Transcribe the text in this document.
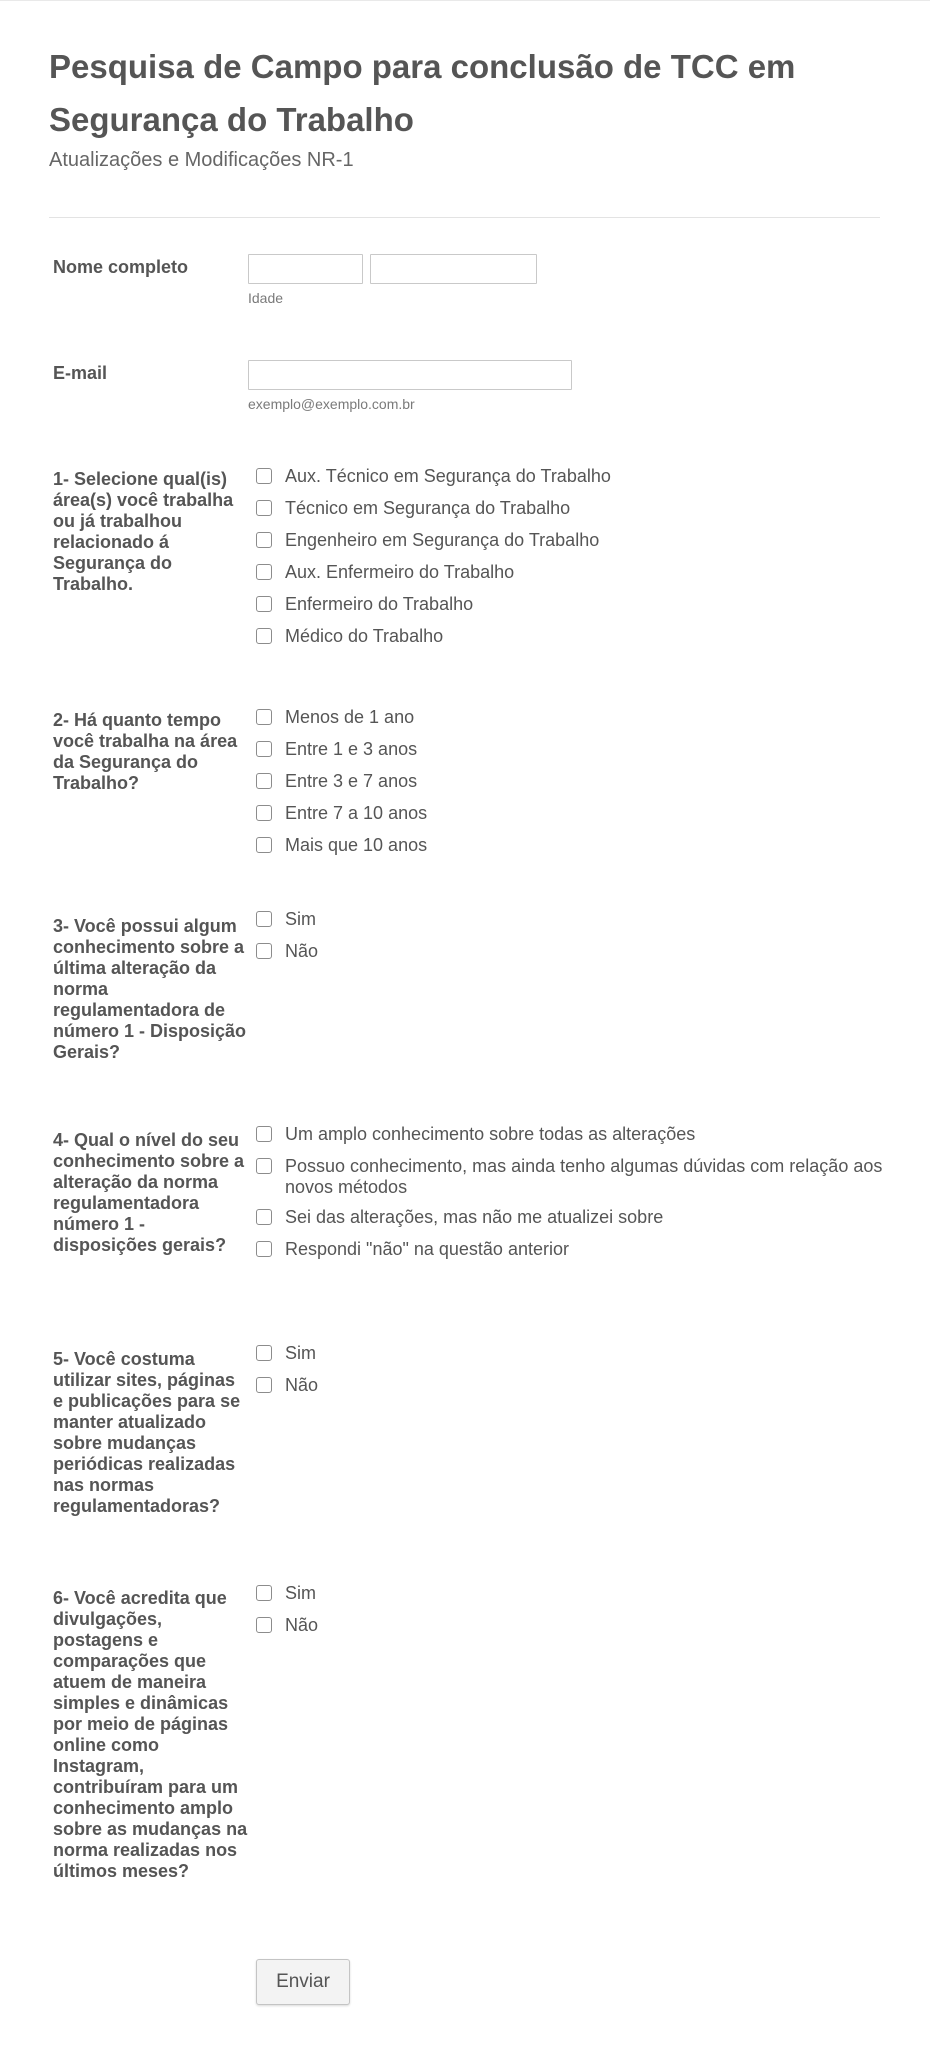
Pesquisa de Campo para conclusão de TCC em Segurança do Trabalho
Atualizações e Modificações NR-1
Nome completo
Idade
E-mail
exemplo@exemplo.com.br
1- Selecione qual(is) área(s) você trabalha ou já trabalhou relacionado á Segurança do Trabalho.
Aux. Técnico em Segurança do Trabalho
Técnico em Segurança do Trabalho
Engenheiro em Segurança do Trabalho
Aux. Enfermeiro do Trabalho
Enfermeiro do Trabalho
Médico do Trabalho
2- Há quanto tempo você trabalha na área da Segurança do Trabalho?
Menos de 1 ano
Entre 1 e 3 anos
Entre 3 e 7 anos
Entre 7 a 10 anos
Mais que 10 anos
3- Você possui algum conhecimento sobre a última alteração da norma regulamentadora de número 1 - Disposição Gerais?
Sim
Não
4- Qual o nível do seu conhecimento sobre a alteração da norma regulamentadora número 1 - disposições gerais?
Um amplo conhecimento sobre todas as alterações
Possuo conhecimento, mas ainda tenho algumas dúvidas com relação aos novos métodos
Sei das alterações, mas não me atualizei sobre
Respondi "não" na questão anterior
5- Você costuma utilizar sites, páginas e publicações para se manter atualizado sobre mudanças periódicas realizadas nas normas regulamentadoras?
Sim
Não
6- Você acredita que divulgações, postagens e comparações que atuem de maneira simples e dinâmicas por meio de páginas online como Instagram, contribuíram para um conhecimento amplo sobre as mudanças na norma realizadas nos últimos meses?
Sim
Não
Enviar
